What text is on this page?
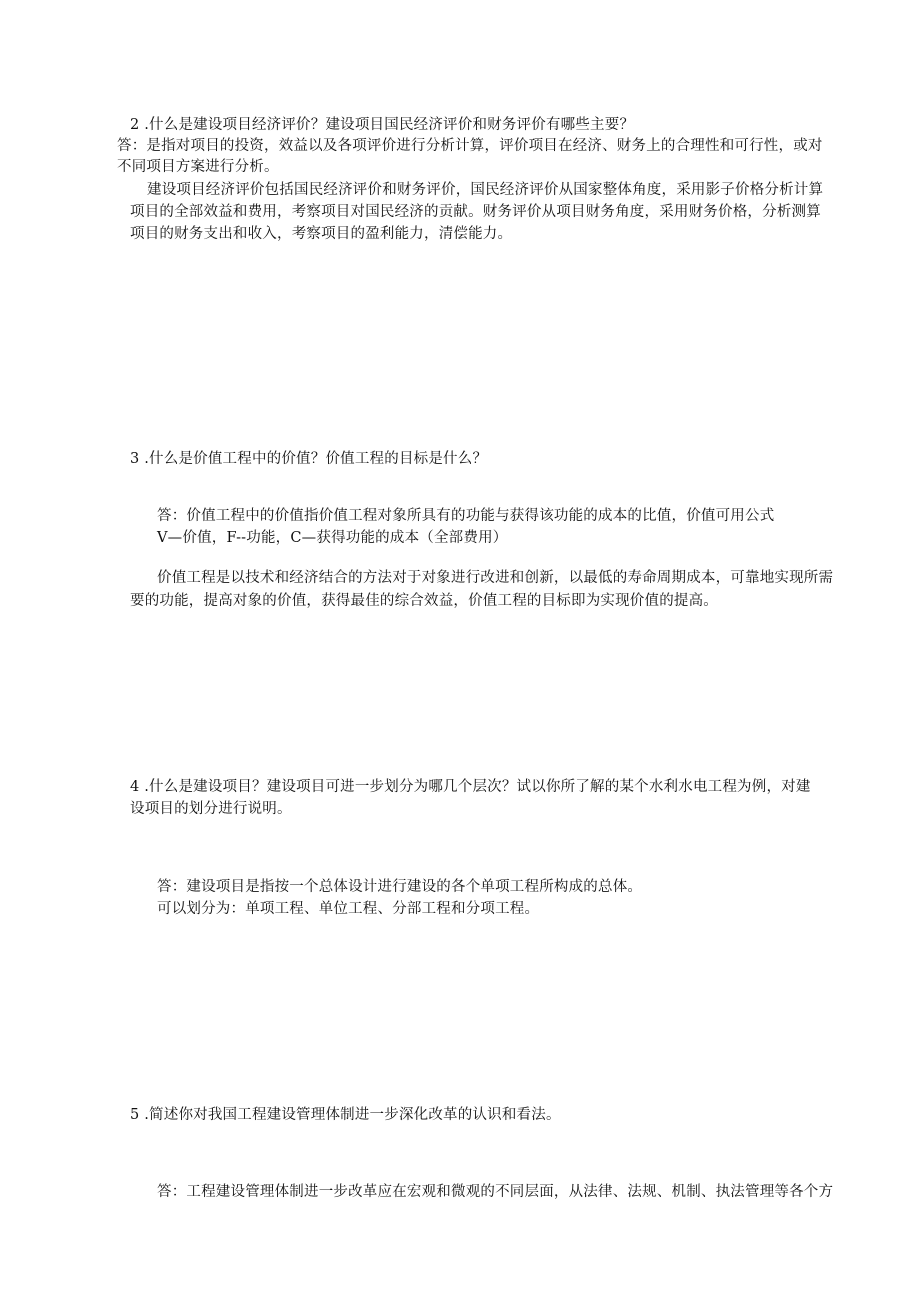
2 .什么是建设项目经济评价？建设项目国民经济评价和财务评价有哪些主要？
答：是指对项目的投资，效益以及各项评价进行分析计算，评价项目在经济、财务上的合理性和可行性，或对
不同项目方案进行分析。
建设项目经济评价包括国民经济评价和财务评价，国民经济评价从国家整体角度，采用影子价格分析计算
项目的全部效益和费用，考察项目对国民经济的贡献。财务评价从项目财务角度，采用财务价格，分析测算
项目的财务支出和收入，考察项目的盈利能力，清偿能力。
3 .什么是价值工程中的价值？价值工程的目标是什么？
答：价值工程中的价值指价值工程对象所具有的功能与获得该功能的成本的比值，价值可用公式
V—价值，F--功能，C—获得功能的成本（全部费用）
价值工程是以技术和经济结合的方法对于对象进行改进和创新，以最低的寿命周期成本，可靠地实现所需
要的功能，提高对象的价值，获得最佳的综合效益，价值工程的目标即为实现价值的提高。
4 .什么是建设项目？建设项目可进一步划分为哪几个层次？试以你所了解的某个水利水电工程为例，对建
设项目的划分进行说明。
答：建设项目是指按一个总体设计进行建设的各个单项工程所构成的总体。
可以划分为：单项工程、单位工程、分部工程和分项工程。
5 .简述你对我国工程建设管理体制进一步深化改革的认识和看法。
答：工程建设管理体制进一步改革应在宏观和微观的不同层面，从法律、法规、机制、执法管理等各个方
